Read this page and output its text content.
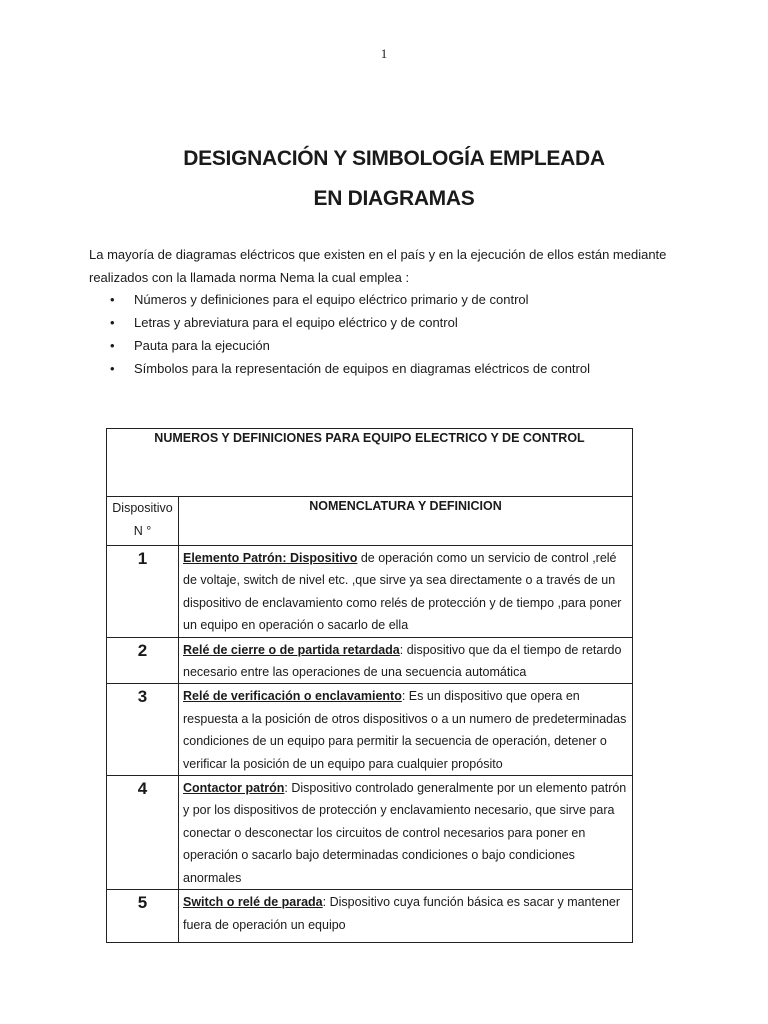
1
DESIGNACIÓN Y SIMBOLOGÍA EMPLEADA
EN DIAGRAMAS
La mayoría de diagramas eléctricos que existen en el país y en la ejecución de ellos están mediante realizados con la llamada norma Nema la cual emplea :
• Números y definiciones para el equipo eléctrico primario y de control
• Letras y abreviatura para el equipo eléctrico y de control
• Pauta para la ejecución
• Símbolos para la representación de equipos en diagramas eléctricos de control
NUMEROS Y DEFINICIONES PARA EQUIPO ELECTRICO Y DE CONTROL	

Dispositivo
N °	NOMENCLATURA Y DEFINICION
1	Elemento Patrón: Dispositivo de operación como un servicio de control ,relé de voltaje, switch de nivel etc. ,que sirve ya sea directamente o a través de un dispositivo de enclavamiento como relés de protección y de tiempo ,para poner un equipo en operación o sacarlo de ella
2	Relé de cierre o de partida retardada: dispositivo que da el tiempo de retardo necesario entre las operaciones de una secuencia automática
3	Relé de verificación o enclavamiento: Es un dispositivo que opera en respuesta a la posición de otros dispositivos o a un numero de predeterminadas condiciones de un equipo para permitir la secuencia de operación, detener o verificar la posición de un equipo para cualquier propósito
4	Contactor patrón: Dispositivo controlado generalmente por un elemento patrón y por los dispositivos de protección y enclavamiento necesario, que sirve para conectar o desconectar los circuitos de control necesarios para poner en operación o sacarlo bajo determinadas condiciones o bajo condiciones anormales
5	Switch o relé de parada: Dispositivo cuya función básica es sacar y mantener fuera de operación un equipo
